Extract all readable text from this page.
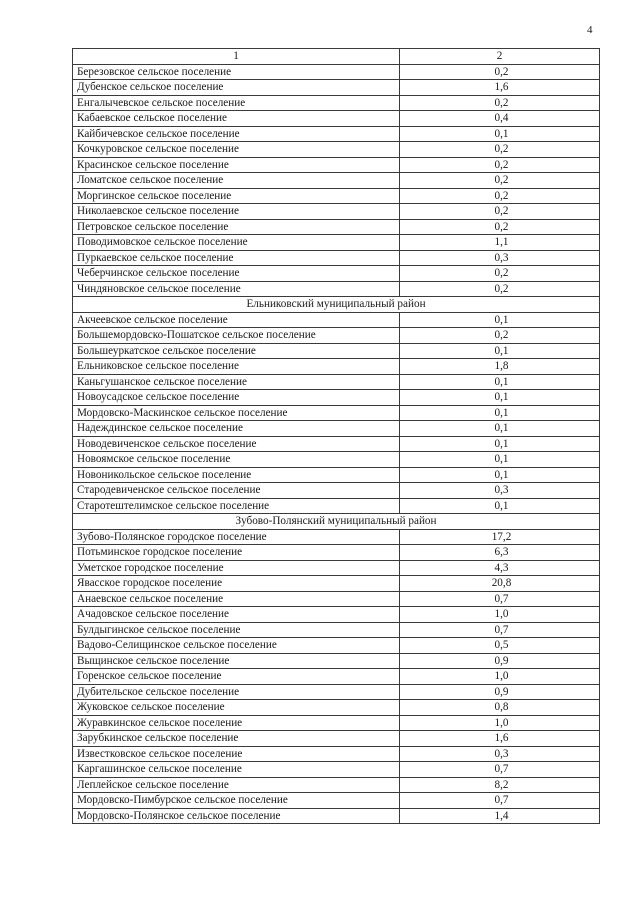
4
1	2
Березовское сельское поселение	0,2
Дубенское сельское поселение	1,6
Енгалычевское сельское поселение	0,2
Кабаевское сельское поселение	0,4
Кайбичевское сельское поселение	0,1
Кочкуровское сельское поселение	0,2
Красинское сельское поселение	0,2
Ломатское сельское поселение	0,2
Моргинское сельское поселение	0,2
Николаевское сельское поселение	0,2
Петровское сельское поселение	0,2
Поводимовское сельское поселение	1,1
Пуркаевское сельское поселение	0,3
Чеберчинское сельское поселение	0,2
Чиндяновское сельское поселение	0,2
Ельниковский муниципальный район	
Акчеевское сельское поселение	0,1
Большемордовско-Пошатское сельское поселение	0,2
Большеуркатское сельское поселение	0,1
Ельниковское сельское поселение	1,8
Каньгушанское сельское поселение	0,1
Новоусадское сельское поселение	0,1
Мордовско-Маскинское сельское поселение	0,1
Надеждинское сельское поселение	0,1
Новодевиченское сельское поселение	0,1
Новоямское сельское поселение	0,1
Новоникольское сельское поселение	0,1
Стародевиченское сельское поселение	0,3
Старотештелимское сельское поселение	0,1
Зубово-Полянский муниципальный район	
Зубово-Полянское городское поселение	17,2
Потьминское городское поселение	6,3
Уметское городское поселение	4,3
Явасское городское поселение	20,8
Анаевское сельское поселение	0,7
Ачадовское сельское поселение	1,0
Булдыгинское сельское поселение	0,7
Вадово-Селищинское сельское поселение	0,5
Выщинское сельское поселение	0,9
Горенское сельское поселение	1,0
Дубительское сельское поселение	0,9
Жуковское сельское поселение	0,8
Журавкинское сельское поселение	1,0
Зарубкинское сельское поселение	1,6
Известковское сельское поселение	0,3
Каргашинское сельское поселение	0,7
Леплейское сельское поселение	8,2
Мордовско-Пимбурское сельское поселение	0,7
Мордовско-Полянское сельское поселение	1,4
